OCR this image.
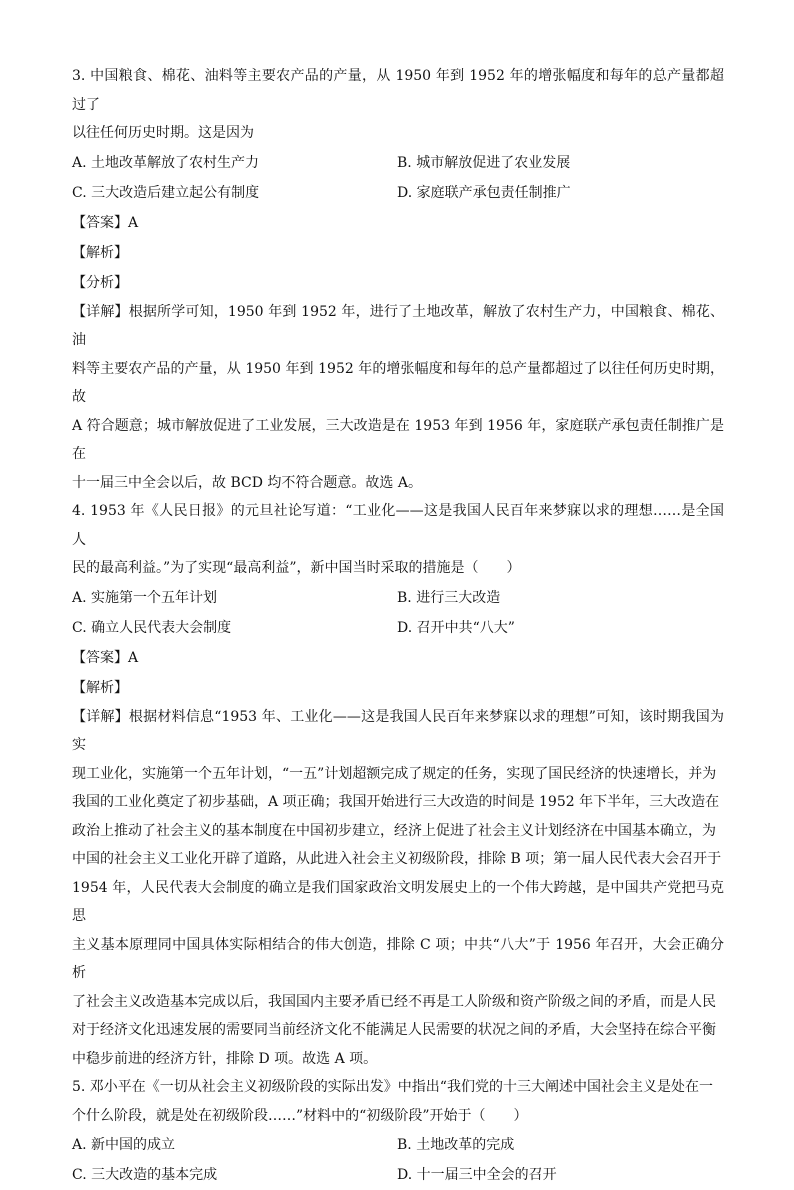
3. 中国粮食、棉花、油料等主要农产品的产量，从 1950 年到 1952 年的增张幅度和每年的总产量都超过了

以往任何历史时期。这是因为

A. 土地改革解放了农村生产力	B. 城市解放促进了农业发展
C. 三大改造后建立起公有制度	D. 家庭联产承包责任制推广

【答案】A

【解析】

【分析】

【详解】根据所学可知，1950 年到 1952 年，进行了土地改革，解放了农村生产力，中国粮食、棉花、油

料等主要农产品的产量，从 1950 年到 1952 年的增张幅度和每年的总产量都超过了以往任何历史时期，故

A 符合题意；城市解放促进了工业发展，三大改造是在 1953 年到 1956 年，家庭联产承包责任制推广是在

十一届三中全会以后，故 BCD 均不符合题意。故选 A。

4. 1953 年《人民日报》的元旦社论写道：“工业化——这是我国人民百年来梦寐以求的理想……是全国人

民的最高利益。”为了实现“最高利益”，新中国当时采取的措施是（　　）

A. 实施第一个五年计划	B. 进行三大改造
C. 确立人民代表大会制度	D. 召开中共“八大”

【答案】A

【解析】

【详解】根据材料信息“1953 年、工业化——这是我国人民百年来梦寐以求的理想”可知，该时期我国为实

现工业化，实施第一个五年计划，“一五”计划超额完成了规定的任务，实现了国民经济的快速增长，并为

我国的工业化奠定了初步基础，A 项正确；我国开始进行三大改造的时间是 1952 年下半年，三大改造在

政治上推动了社会主义的基本制度在中国初步建立，经济上促进了社会主义计划经济在中国基本确立，为

中国的社会主义工业化开辟了道路，从此进入社会主义初级阶段，排除 B 项；第一届人民代表大会召开于

1954 年，人民代表大会制度的确立是我们国家政治文明发展史上的一个伟大跨越，是中国共产党把马克思

主义基本原理同中国具体实际相结合的伟大创造，排除 C 项；中共“八大”于 1956 年召开，大会正确分析

了社会主义改造基本完成以后，我国国内主要矛盾已经不再是工人阶级和资产阶级之间的矛盾，而是人民

对于经济文化迅速发展的需要同当前经济文化不能满足人民需要的状况之间的矛盾，大会坚持在综合平衡

中稳步前进的经济方针，排除 D 项。故选 A 项。

5. 邓小平在《一切从社会主义初级阶段的实际出发》中指出“我们党的十三大阐述中国社会主义是处在一

个什么阶段，就是处在初级阶段……”材料中的“初级阶段”开始于（　　）

A. 新中国的成立	B. 土地改革的完成
C. 三大改造的基本完成	D. 十一届三中全会的召开
